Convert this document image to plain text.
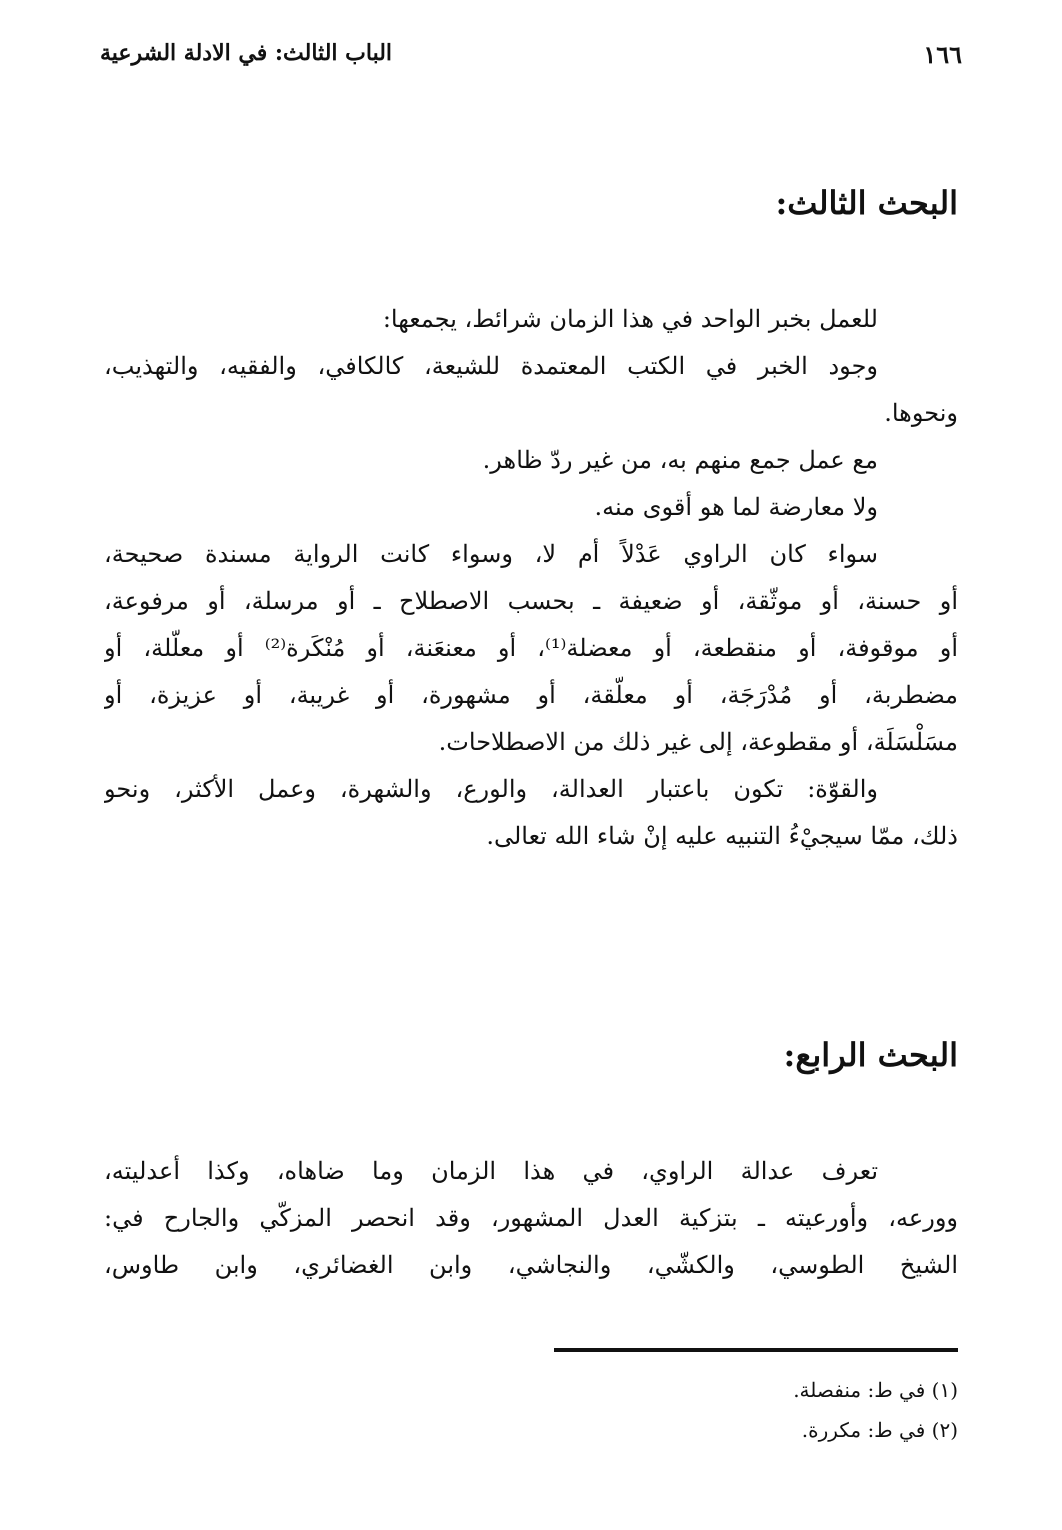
الباب الثالث: في الادلة الشرعية	١٦٦
البحث الثالث:
للعمل بخبر الواحد في هذا الزمان شرائط، يجمعها:
وجود الخبر في الكتب المعتمدة للشيعة، كالكافي، والفقيه، والتهذيب،
ونحوها.
مع عمل جمع منهم به، من غير ردّ ظاهر.
ولا معارضة لما هو أقوى منه.
سواء كان الراوي عَدْلاً أم لا، وسواء كانت الرواية مسندة صحيحة،
أو حسنة، أو موثّقة، أو ضعيفة ـ بحسب الاصطلاح ـ أو مرسلة، أو مرفوعة،
أو موقوفة، أو منقطعة، أو معضلة⁽¹⁾، أو معنعَنة، أو مُنْكَرة⁽²⁾ أو معلّلة، أو
مضطربة، أو مُدْرَجَة، أو معلّقة، أو مشهورة، أو غريبة، أو عزيزة، أو
مسَلْسَلَة، أو مقطوعة، إلى غير ذلك من الاصطلاحات.
والقوّة: تكون باعتبار العدالة، والورع، والشهرة، وعمل الأكثر، ونحو
ذلك، ممّا سيجيْءُ التنبيه عليه إنْ شاء الله تعالى.
البحث الرابع:
تعرف عدالة الراوي، في هذا الزمان وما ضاهاه، وكذا أعدليته،
وورعه، وأورعيته ـ بتزكية العدل المشهور، وقد انحصر المزكّي والجارح في:
الشيخ الطوسي، والكشّي، والنجاشي، وابن الغضائري، وابن طاوس،
(١) في ط: منفصلة.
(٢) في ط: مكررة.
